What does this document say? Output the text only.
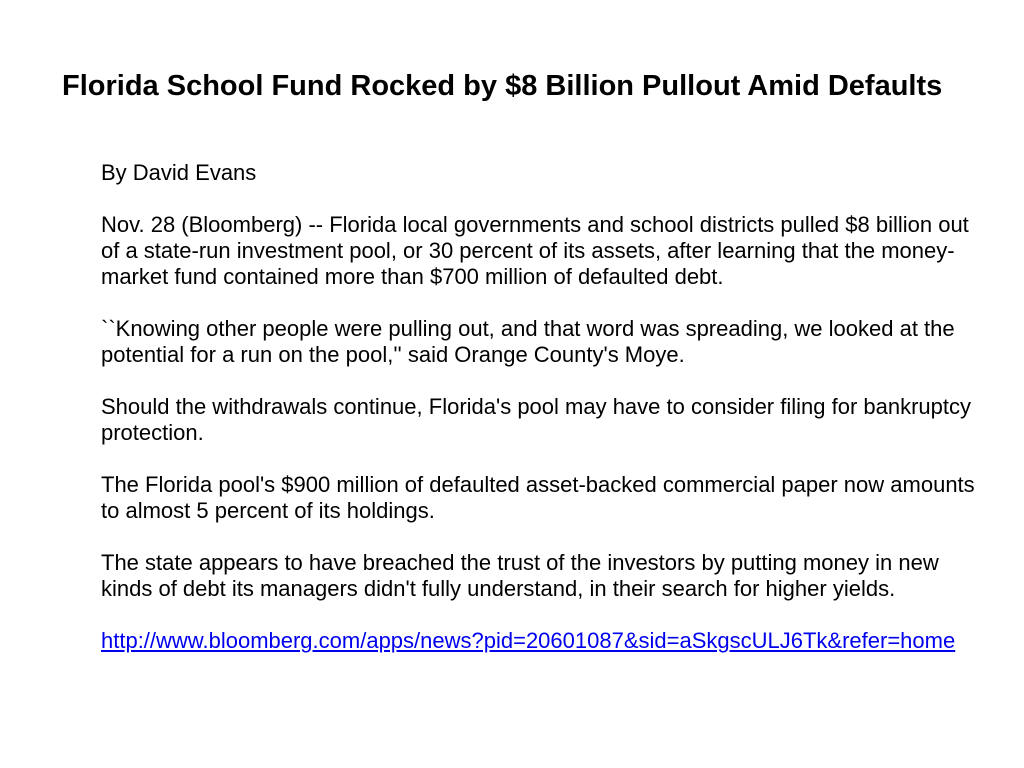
Florida School Fund Rocked by $8 Billion Pullout Amid Defaults

By David Evans

Nov. 28 (Bloomberg) -- Florida local governments and school districts pulled $8 billion out of a state-run investment pool, or 30 percent of its assets, after learning that the money- market fund contained more than $700 million of defaulted debt.

``Knowing other people were pulling out, and that word was spreading, we looked at the potential for a run on the pool,'' said Orange County's Moye.

Should the withdrawals continue, Florida's pool may have to consider filing for bankruptcy protection.

The Florida pool's $900 million of defaulted asset-backed commercial paper now amounts to almost 5 percent of its holdings.

The state appears to have breached the trust of the investors by putting money in new kinds of debt its managers didn't fully understand, in their search for higher yields.

http://www.bloomberg.com/apps/news?pid=20601087&sid=aSkgscULJ6Tk&refer=home
